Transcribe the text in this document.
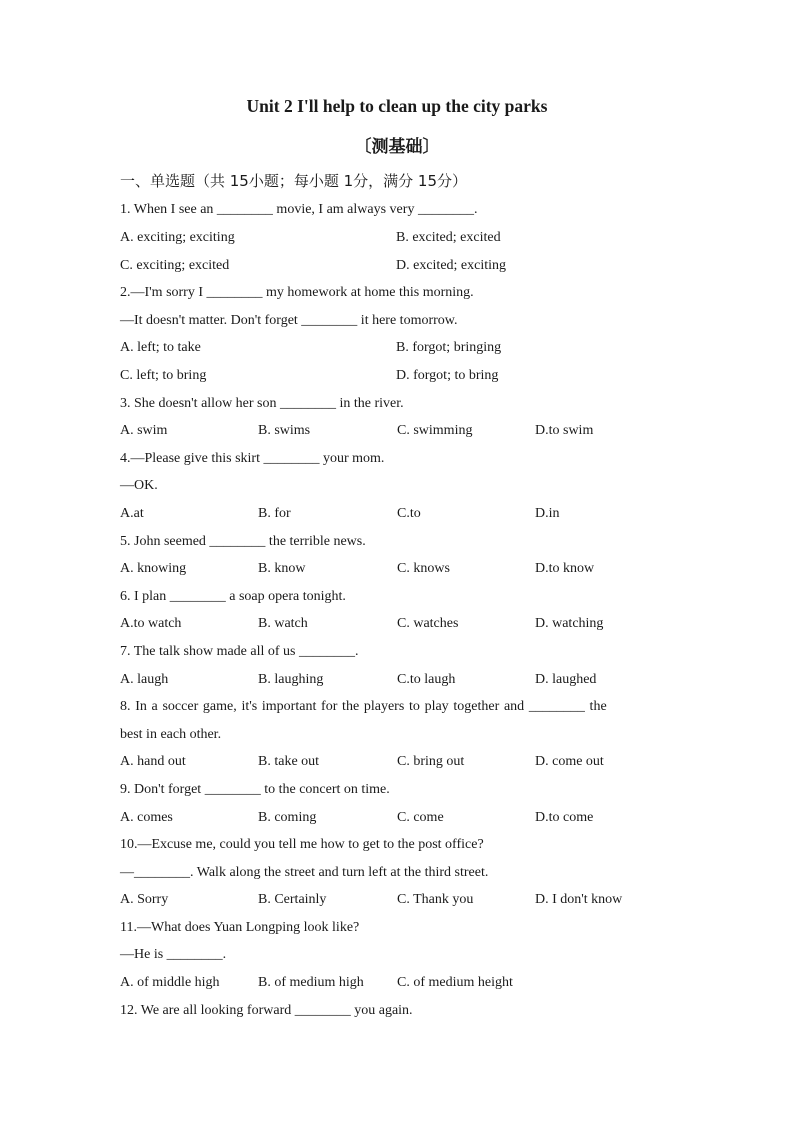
Unit 2 I'll help to clean up the city parks
〔测基础〕
一、单选题（共 15小题；每小题 1分，满分 15分）
1. When I see an ________ movie, I am always very ________.
A. exciting; exciting	B. excited; excited
C. exciting; excited	D. excited; exciting
2.—I'm sorry I ________ my homework at home this morning.
—It doesn't matter. Don't forget ________ it here tomorrow.
A. left; to take	B. forgot; bringing
C. left; to bring	D. forgot; to bring
3. She doesn't allow her son ________ in the river.
A. swim	B. swims	C. swimming	D.to swim
4.—Please give this skirt ________ your mom.
—OK.
A.at	B. for	C.to	D.in
5. John seemed ________ the terrible news.
A. knowing	B. know	C. knows	D.to know
6. I plan ________ a soap opera tonight.
A.to watch	B. watch	C. watches	D. watching
7. The talk show made all of us ________.
A. laugh	B. laughing	C.to laugh	D. laughed
8. In a soccer game, it's important for the players to play together and ________ the
best in each other.
A. hand out	B. take out	C. bring out	D. come out
9. Don't forget ________ to the concert on time.
A. comes	B. coming	C. come	D.to come
10.—Excuse me, could you tell me how to get to the post office?
—________. Walk along the street and turn left at the third street.
A. Sorry	B. Certainly	C. Thank you	D. I don't know
11.—What does Yuan Longping look like?
—He is ________.
A. of middle high	B. of medium high C. of medium height
12. We are all looking forward ________ you again.
